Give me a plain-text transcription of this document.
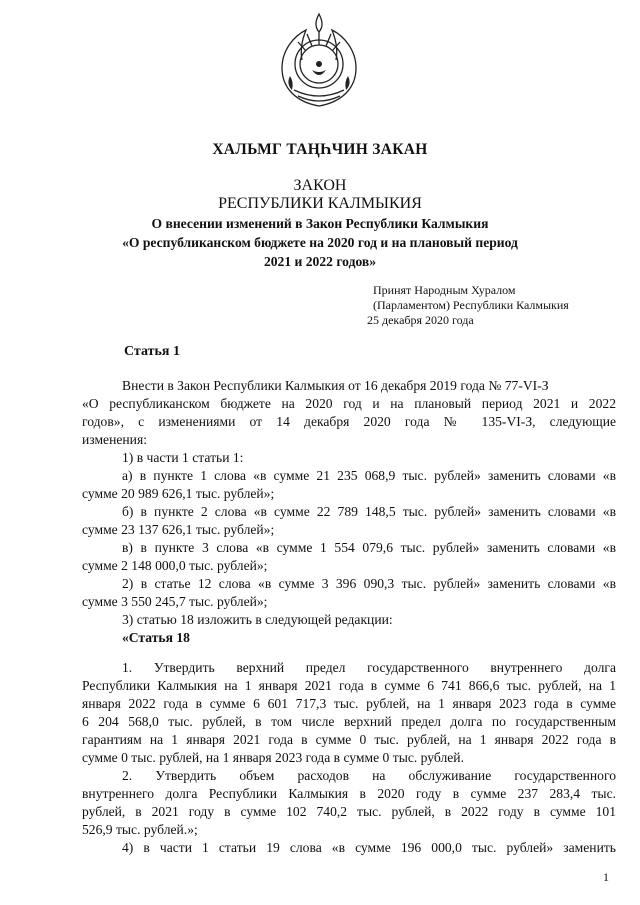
ХАЛЬМГ ТАҢҺЧИН ЗАКАН
ЗАКОН
РЕСПУБЛИКИ КАЛМЫКИЯ
О внесении изменений в Закон Республики Калмыкия
«О республиканском бюджете на 2020 год и на плановый период
2021 и 2022 годов»
Принят Народным Хуралом
(Парламентом) Республики Калмыкия
25 декабря 2020 года
Статья 1
Внести в Закон Республики Калмыкия от 16 декабря 2019 года № 77-VI-З
«О республиканском бюджете на 2020 год и на плановый период 2021 и 2022
годов», с изменениями от 14 декабря 2020 года № 135-VI-З, следующие
изменения:
1) в части 1 статьи 1:
а) в пункте 1 слова «в сумме 21 235 068,9 тыс. рублей» заменить словами «в
сумме 20 989 626,1 тыс. рублей»;
б) в пункте 2 слова «в сумме 22 789 148,5 тыс. рублей» заменить словами «в
сумме 23 137 626,1 тыс. рублей»;
в) в пункте 3 слова «в сумме 1 554 079,6 тыс. рублей» заменить словами «в
сумме 2 148 000,0 тыс. рублей»;
2) в статье 12 слова «в сумме 3 396 090,3 тыс. рублей» заменить словами «в
сумме 3 550 245,7 тыс. рублей»;
3) статью 18 изложить в следующей редакции:
«Статья 18
1. Утвердить верхний предел государственного внутреннего долга
Республики Калмыкия на 1 января 2021 года в сумме 6 741 866,6 тыс. рублей, на 1
января 2022 года в сумме 6 601 717,3 тыс. рублей, на 1 января 2023 года в сумме
6 204 568,0 тыс. рублей, в том числе верхний предел долга по государственным
гарантиям на 1 января 2021 года в сумме 0 тыс. рублей, на 1 января 2022 года в
сумме 0 тыс. рублей, на 1 января 2023 года в сумме 0 тыс. рублей.
2. Утвердить объем расходов на обслуживание государственного
внутреннего долга Республики Калмыкия в 2020 году в сумме 237 283,4 тыс.
рублей, в 2021 году в сумме 102 740,2 тыс. рублей, в 2022 году в сумме 101
526,9 тыс. рублей.»;
4) в части 1 статьи 19 слова «в сумме 196 000,0 тыс. рублей» заменить
1
